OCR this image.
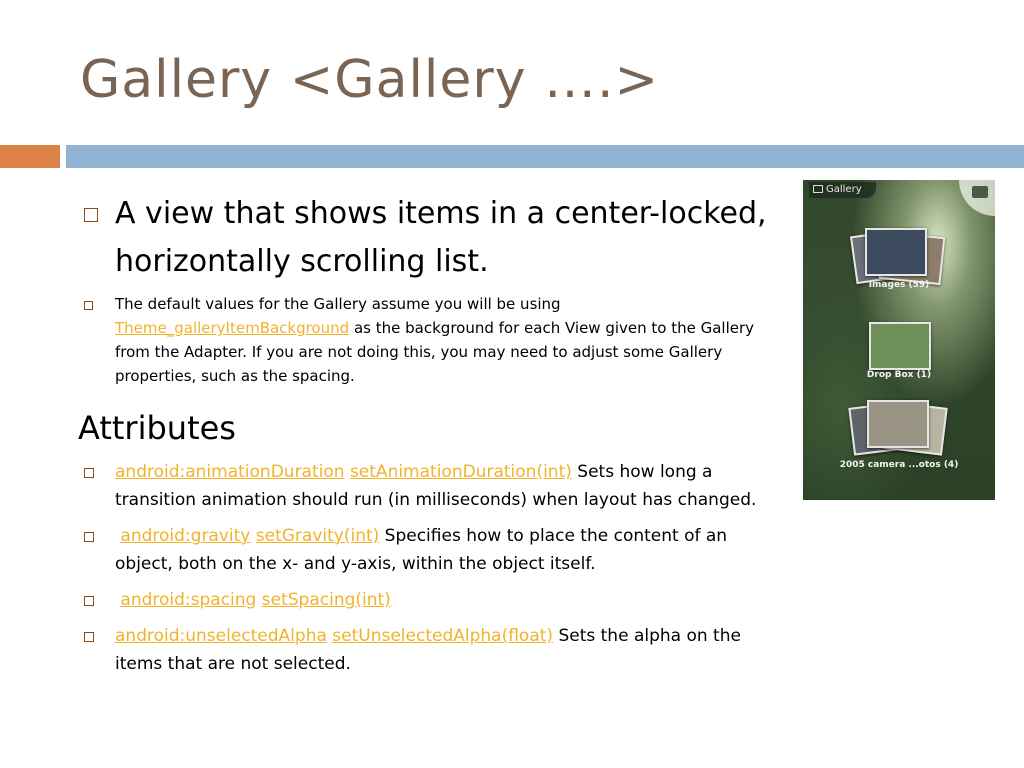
Gallery <Gallery ….>
A view that shows items in a center-locked, horizontally scrolling list.
The default values for the Gallery assume you will be using Theme_galleryItemBackground as the background for each View given to the Gallery from the Adapter. If you are not doing this, you may need to adjust some Gallery properties, such as the spacing.
Attributes
android:animationDuration setAnimationDuration(int) Sets how long a transition animation should run (in milliseconds) when layout has changed.
android:gravity setGravity(int) Specifies how to place the content of an object, both on the x- and y-axis, within the object itself.
android:spacing setSpacing(int)
android:unselectedAlpha setUnselectedAlpha(float) Sets the alpha on the items that are not selected.
Gallery
Images (59)
Drop Box (1)
2005 camera ...otos (4)
